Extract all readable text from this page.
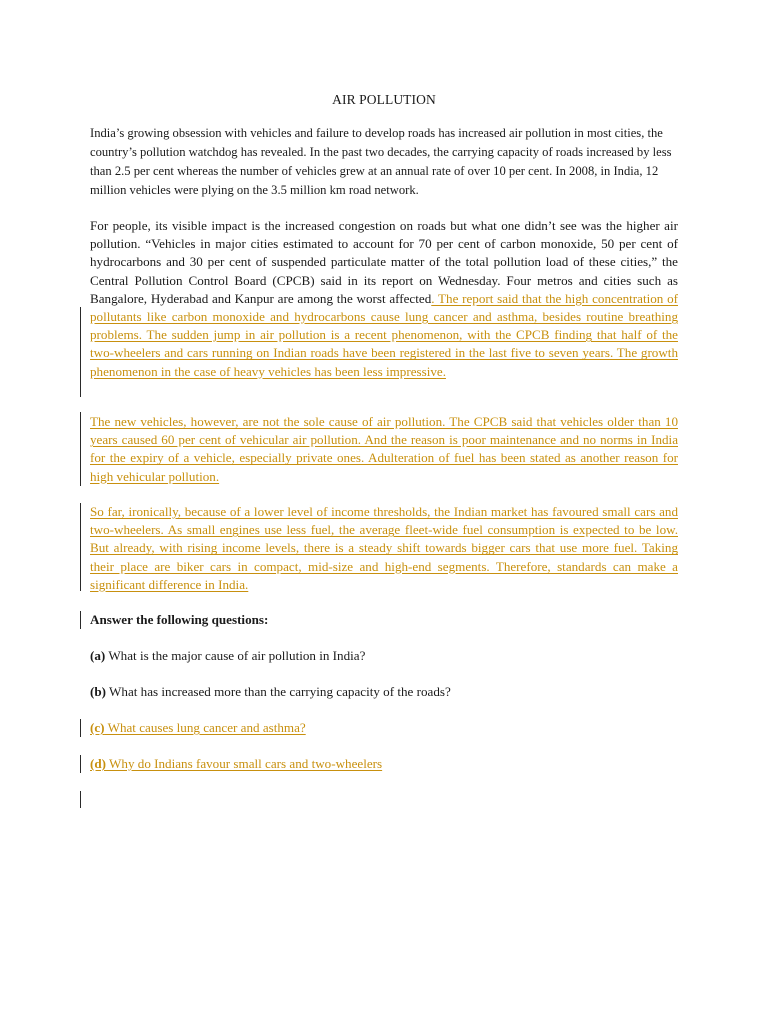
AIR POLLUTION

India’s growing obsession with vehicles and failure to develop roads has increased air pollution in most cities, the country’s pollution watchdog has revealed. In the past two decades, the carrying capacity of roads increased by less than 2.5 per cent whereas the number of vehicles grew at an annual rate of over 10 per cent. In 2008, in India, 12 million vehicles were plying on the 3.5 million km road network.

For people, its visible impact is the increased congestion on roads but what one didn’t see was the higher air pollution. “Vehicles in major cities estimated to account for 70 per cent of carbon monoxide, 50 per cent of hydrocarbons and 30 per cent of suspended particulate matter of the total pollution load of these cities,” the Central Pollution Control Board (CPCB) said in its report on Wednesday. Four metros and cities such as Bangalore, Hyderabad and Kanpur are among the worst affected. The report said that the high concentration of pollutants like carbon monoxide and hydrocarbons cause lung cancer and asthma, besides routine breathing problems. The sudden jump in air pollution is a recent phenomenon, with the CPCB finding that half of the two-wheelers and cars running on Indian roads have been registered in the last five to seven years. The growth phenomenon in the case of heavy vehicles has been less impressive.

The new vehicles, however, are not the sole cause of air pollution. The CPCB said that vehicles older than 10 years caused 60 per cent of vehicular air pollution. And the reason is poor maintenance and no norms in India for the expiry of a vehicle, especially private ones. Adulteration of fuel has been stated as another reason for high vehicular pollution.

So far, ironically, because of a lower level of income thresholds, the Indian market has favoured small cars and two-wheelers. As small engines use less fuel, the average fleet-wide fuel consumption is expected to be low. But already, with rising income levels, there is a steady shift towards bigger cars that use more fuel. Taking their place are biker cars in compact, mid-size and high-end segments. Therefore, standards can make a significant difference in India.

Answer the following questions:
(a) What is the major cause of air pollution in India?
(b) What has increased more than the carrying capacity of the roads?
(c) What causes lung cancer and asthma?
(d) Why do Indians favour small cars and two-wheelers
